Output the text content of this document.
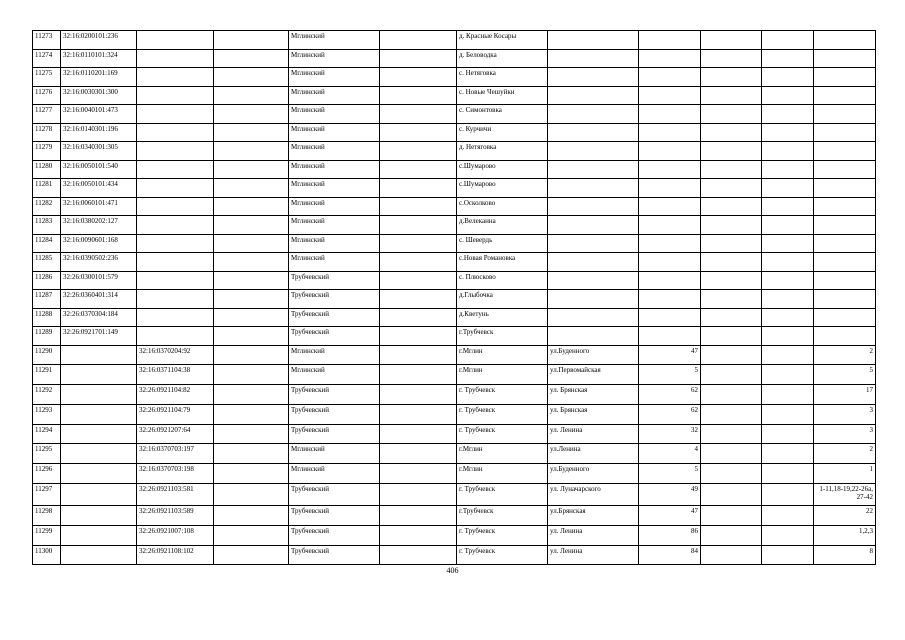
11273	32:16:0200101:236			Мглинский		д. Красные Косары					
11274	32:16:0110101:324			Мглинский		д. Беловодка					
11275	32:16:0110201:169			Мглинский		с. Нетяговка					
11276	32:16:0030301:300			Мглинский		с. Новые Чешуйки					
11277	32:16:0040101:473			Мглинский		с. Симонтовка					
11278	32:16:0140301:196			Мглинский		с. Курчичи					
11279	32:16:0340301:305			Мглинский		д. Нетяговка					
11280	32:16:0050101:540			Мглинский		с.Шумарово					
11281	32:16:0050101:434			Мглинский		с.Шумарово					
11282	32:16:0060101:471			Мглинский		с.Осколково					
11283	32:16:0380202:127			Мглинский		д.Велеканна					
11284	32:16:0090601:168			Мглинский		с. Шевердь					
11285	32:16:0390502:236			Мглинский		с.Новая Романовка					
11286	32:26:0300101:579			Трубчевский		с. Плюсково					
11287	32:26:0360401:314			Трубчевский		д.Глыбочка					
11288	32:26:0370304:184			Трубчевский		д.Кветунь					
11289	32:26:0921701:149			Трубчевский		г.Трубчевск					
11290		32:16:0370204:92		Мглинский		г.Мглин	ул.Буденного	47			2
11291		32:16:0371104:38		Мглинский		г.Мглин	ул.Первомайская	5			5
11292		32:26:0921104:82		Трубчевский		г. Трубчевск	ул. Брянская	62			17
11293		32:26:0921104:79		Трубчевский		г. Трубчевск	ул. Брянская	62			3
11294		32:26:0921207:64		Трубчевский		г. Трубчевск	ул. Ленина	32			3
11295		32:16:0370703:197		Мглинский		г.Мглин	ул.Ленина	4			2
11296		32:16:0370703:198		Мглинский		г.Мглин	ул.Буденного	5			1
11297		32:26:0921103:581		Трубчевский		г. Трубчевск	ул. Луначарского	49			1-11,18-19,22-26a, 27-42
11298		32:26:0921103:589		Трубчевский		г.Трубчевск	ул.Брянская	47			22
11299		32:26:0921007:108		Трубчевский		г. Трубчевск	ул. Ленина	86			1,2,3
11300		32:26:0921108:102		Трубчевский		г. Трубчевск	ул. Ленина	84			8
406
